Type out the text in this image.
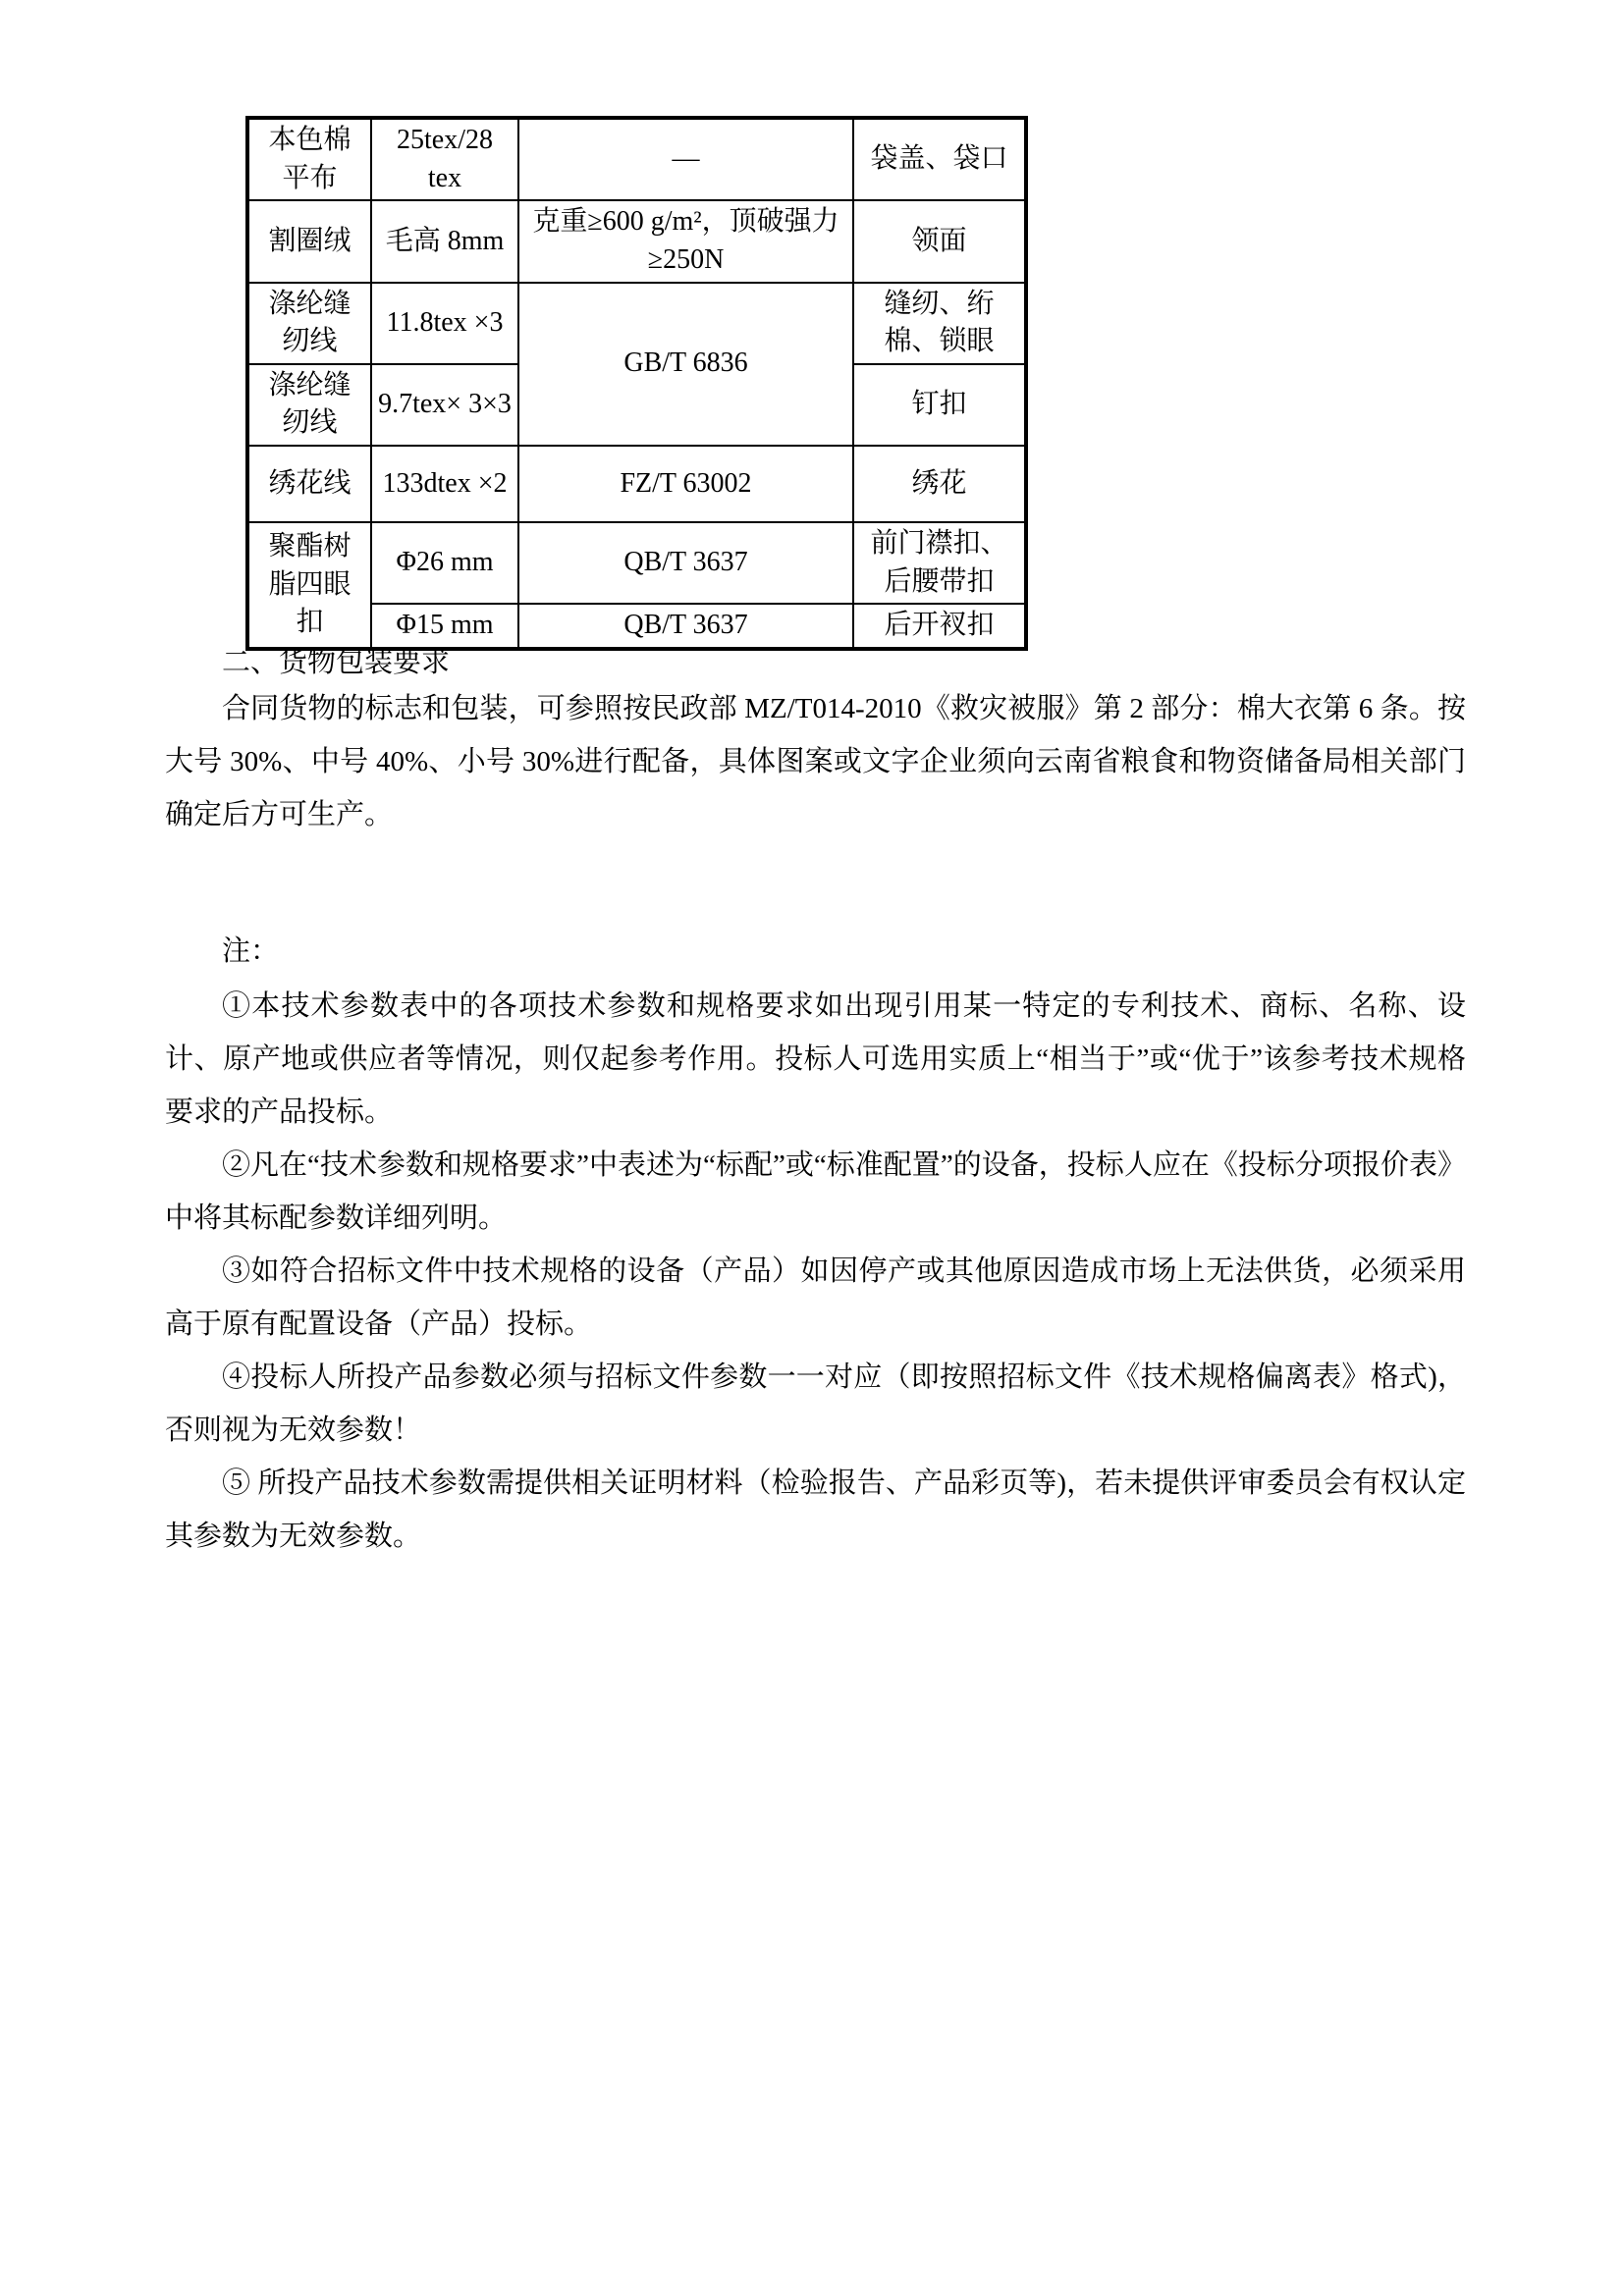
本色棉平布	25tex/28 tex	—	袋盖、袋口
割圈绒	毛高 8mm	克重≥600 g/m²，顶破强力≥250N	领面
涤纶缝纫线	11.8tex ×3	GB/T 6836	缝纫、绗棉、锁眼
涤纶缝纫线	9.7tex× 3×3		钉扣
绣花线	133dtex ×2	FZ/T 63002	绣花
聚酯树脂四眼扣	Φ26 mm	QB/T 3637	前门襟扣、后腰带扣
	Φ15 mm	QB/T 3637	后开衩扣

二、货物包装要求

合同货物的标志和包装，可参照按民政部 MZ/T014-2010《救灾被服》第 2 部分：棉大衣第 6 条。按大号 30%、中号 40%、小号 30%进行配备，具体图案或文字企业须向云南省粮食和物资储备局相关部门确定后方可生产。

注：

①本技术参数表中的各项技术参数和规格要求如出现引用某一特定的专利技术、商标、名称、设计、原产地或供应者等情况，则仅起参考作用。投标人可选用实质上“相当于”或“优于”该参考技术规格要求的产品投标。

②凡在“技术参数和规格要求”中表述为“标配”或“标准配置”的设备，投标人应在《投标分项报价表》中将其标配参数详细列明。

③如符合招标文件中技术规格的设备（产品）如因停产或其他原因造成市场上无法供货，必须采用高于原有配置设备（产品）投标。

④投标人所投产品参数必须与招标文件参数一一对应（即按照招标文件《技术规格偏离表》格式)，否则视为无效参数！

⑤ 所投产品技术参数需提供相关证明材料（检验报告、产品彩页等)，若未提供评审委员会有权认定其参数为无效参数。
